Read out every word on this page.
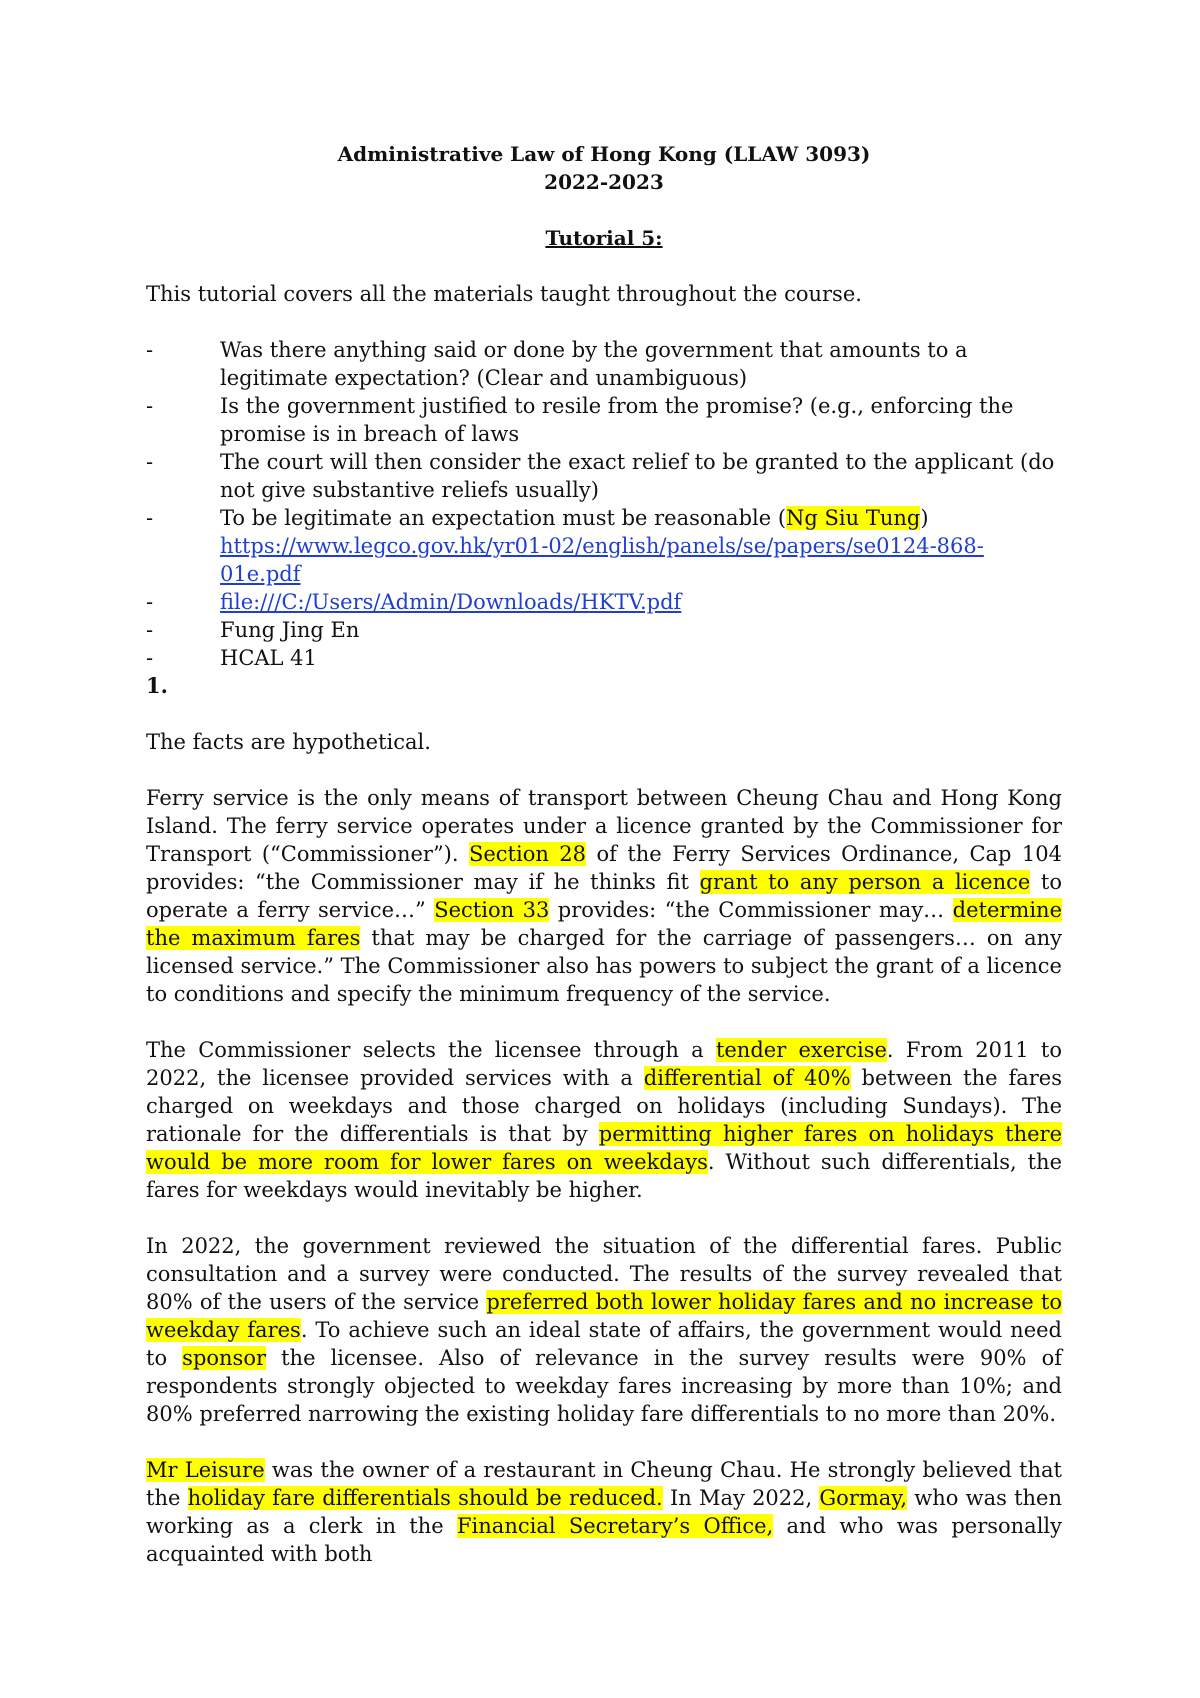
Administrative Law of Hong Kong (LLAW 3093)
2022-2023
Tutorial 5:
This tutorial covers all the materials taught throughout the course.
-	Was there anything said or done by the government that amounts to a legitimate expectation? (Clear and unambiguous)
-	Is the government justified to resile from the promise? (e.g., enforcing the promise is in breach of laws
-	The court will then consider the exact relief to be granted to the applicant (do not give substantive reliefs usually)
-	To be legitimate an expectation must be reasonable (Ng Siu Tung)
https://www.legco.gov.hk/yr01-02/english/panels/se/papers/se0124-868-01e.pdf
-	file:///C:/Users/Admin/Downloads/HKTV.pdf
-	Fung Jing En
-	HCAL 41
1.

The facts are hypothetical.

Ferry service is the only means of transport between Cheung Chau and Hong Kong Island. The ferry service operates under a licence granted by the Commissioner for Transport (“Commissioner”). Section 28 of the Ferry Services Ordinance, Cap 104 provides: “the Commissioner may if he thinks fit grant to any person a licence to operate a ferry service…” Section 33 provides: “the Commissioner may… determine the maximum fares that may be charged for the carriage of passengers… on any licensed service.” The Commissioner also has powers to subject the grant of a licence to conditions and specify the minimum frequency of the service.

The Commissioner selects the licensee through a tender exercise. From 2011 to 2022, the licensee provided services with a differential of 40% between the fares charged on weekdays and those charged on holidays (including Sundays). The rationale for the differentials is that by permitting higher fares on holidays there would be more room for lower fares on weekdays. Without such differentials, the fares for weekdays would inevitably be higher.

In 2022, the government reviewed the situation of the differential fares. Public consultation and a survey were conducted. The results of the survey revealed that 80% of the users of the service preferred both lower holiday fares and no increase to weekday fares. To achieve such an ideal state of affairs, the government would need to sponsor the licensee. Also of relevance in the survey results were 90% of respondents strongly objected to weekday fares increasing by more than 10%; and 80% preferred narrowing the existing holiday fare differentials to no more than 20%.

Mr Leisure was the owner of a restaurant in Cheung Chau. He strongly believed that the holiday fare differentials should be reduced. In May 2022, Gormay, who was then working as a clerk in the Financial Secretary’s Office, and who was personally acquainted with both
